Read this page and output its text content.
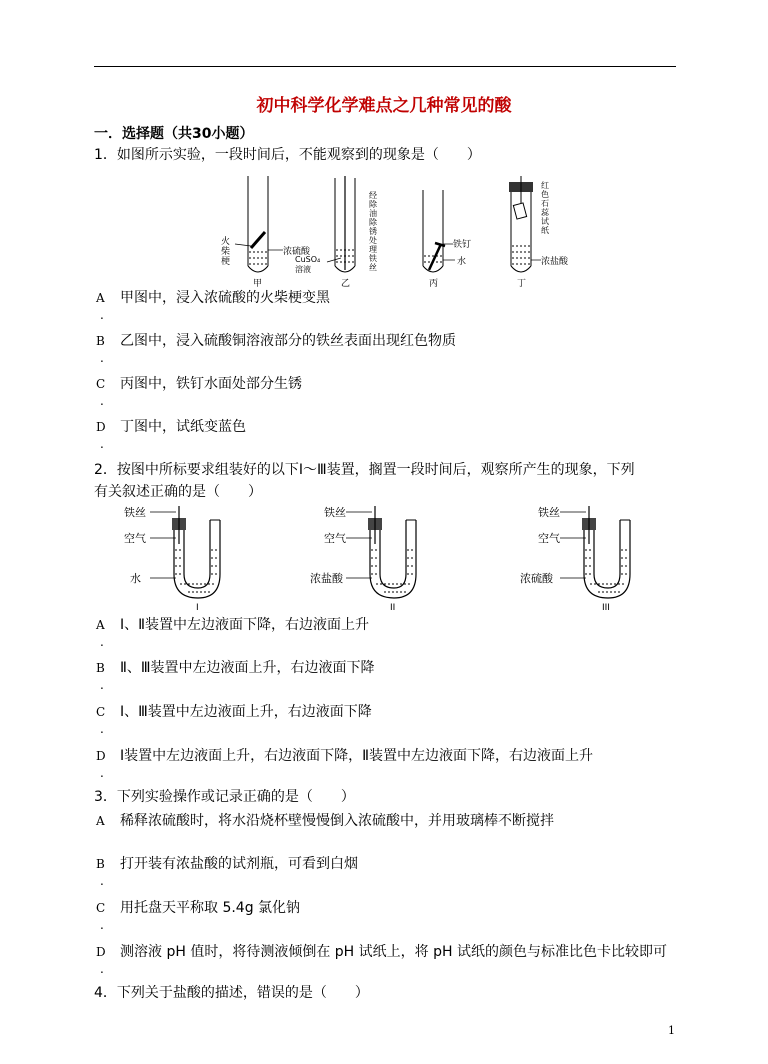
初中科学化学难点之几种常见的酸
一．选择题（共30小题）
1．如图所示实验，一段时间后，不能观察到的现象是（　　）
火
柴
梗
浓硫酸
甲
经
除
油
除
锈
处
理
铁
丝
CuSO₄
溶液
乙
铁钉
水
丙
红
色
石
蕊
试
纸
浓盐酸
丁
A 甲图中，浸入浓硫酸的火柴梗变黑
.
B 乙图中，浸入硫酸铜溶液部分的铁丝表面出现红色物质
.
C 丙图中，铁钉水面处部分生锈
.
D 丁图中，试纸变蓝色
.
2．按图中所标要求组装好的以下Ⅰ～Ⅲ装置，搁置一段时间后，观察所产生的现象，下列
有关叙述正确的是（　　）
铁丝
空气
水
I
铁丝
空气
浓盐酸
II
铁丝
空气
浓硫酸
III
A Ⅰ、Ⅱ装置中左边液面下降，右边液面上升
.
B Ⅱ、Ⅲ装置中左边液面上升，右边液面下降
.
C Ⅰ、Ⅲ装置中左边液面上升，右边液面下降
.
D Ⅰ装置中左边液面上升，右边液面下降，Ⅱ装置中左边液面下降，右边液面上升
.
3．下列实验操作或记录正确的是（　　）
A 稀释浓硫酸时，将水沿烧杯壁慢慢倒入浓硫酸中，并用玻璃棒不断搅拌
B 打开装有浓盐酸的试剂瓶，可看到白烟
.
C 用托盘天平称取 5.4g 氯化钠
.
D 测溶液 pH 值时，将待测液倾倒在 pH 试纸上，将 pH 试纸的颜色与标准比色卡比较即可
.
4．下列关于盐酸的描述，错误的是（　　）
1
